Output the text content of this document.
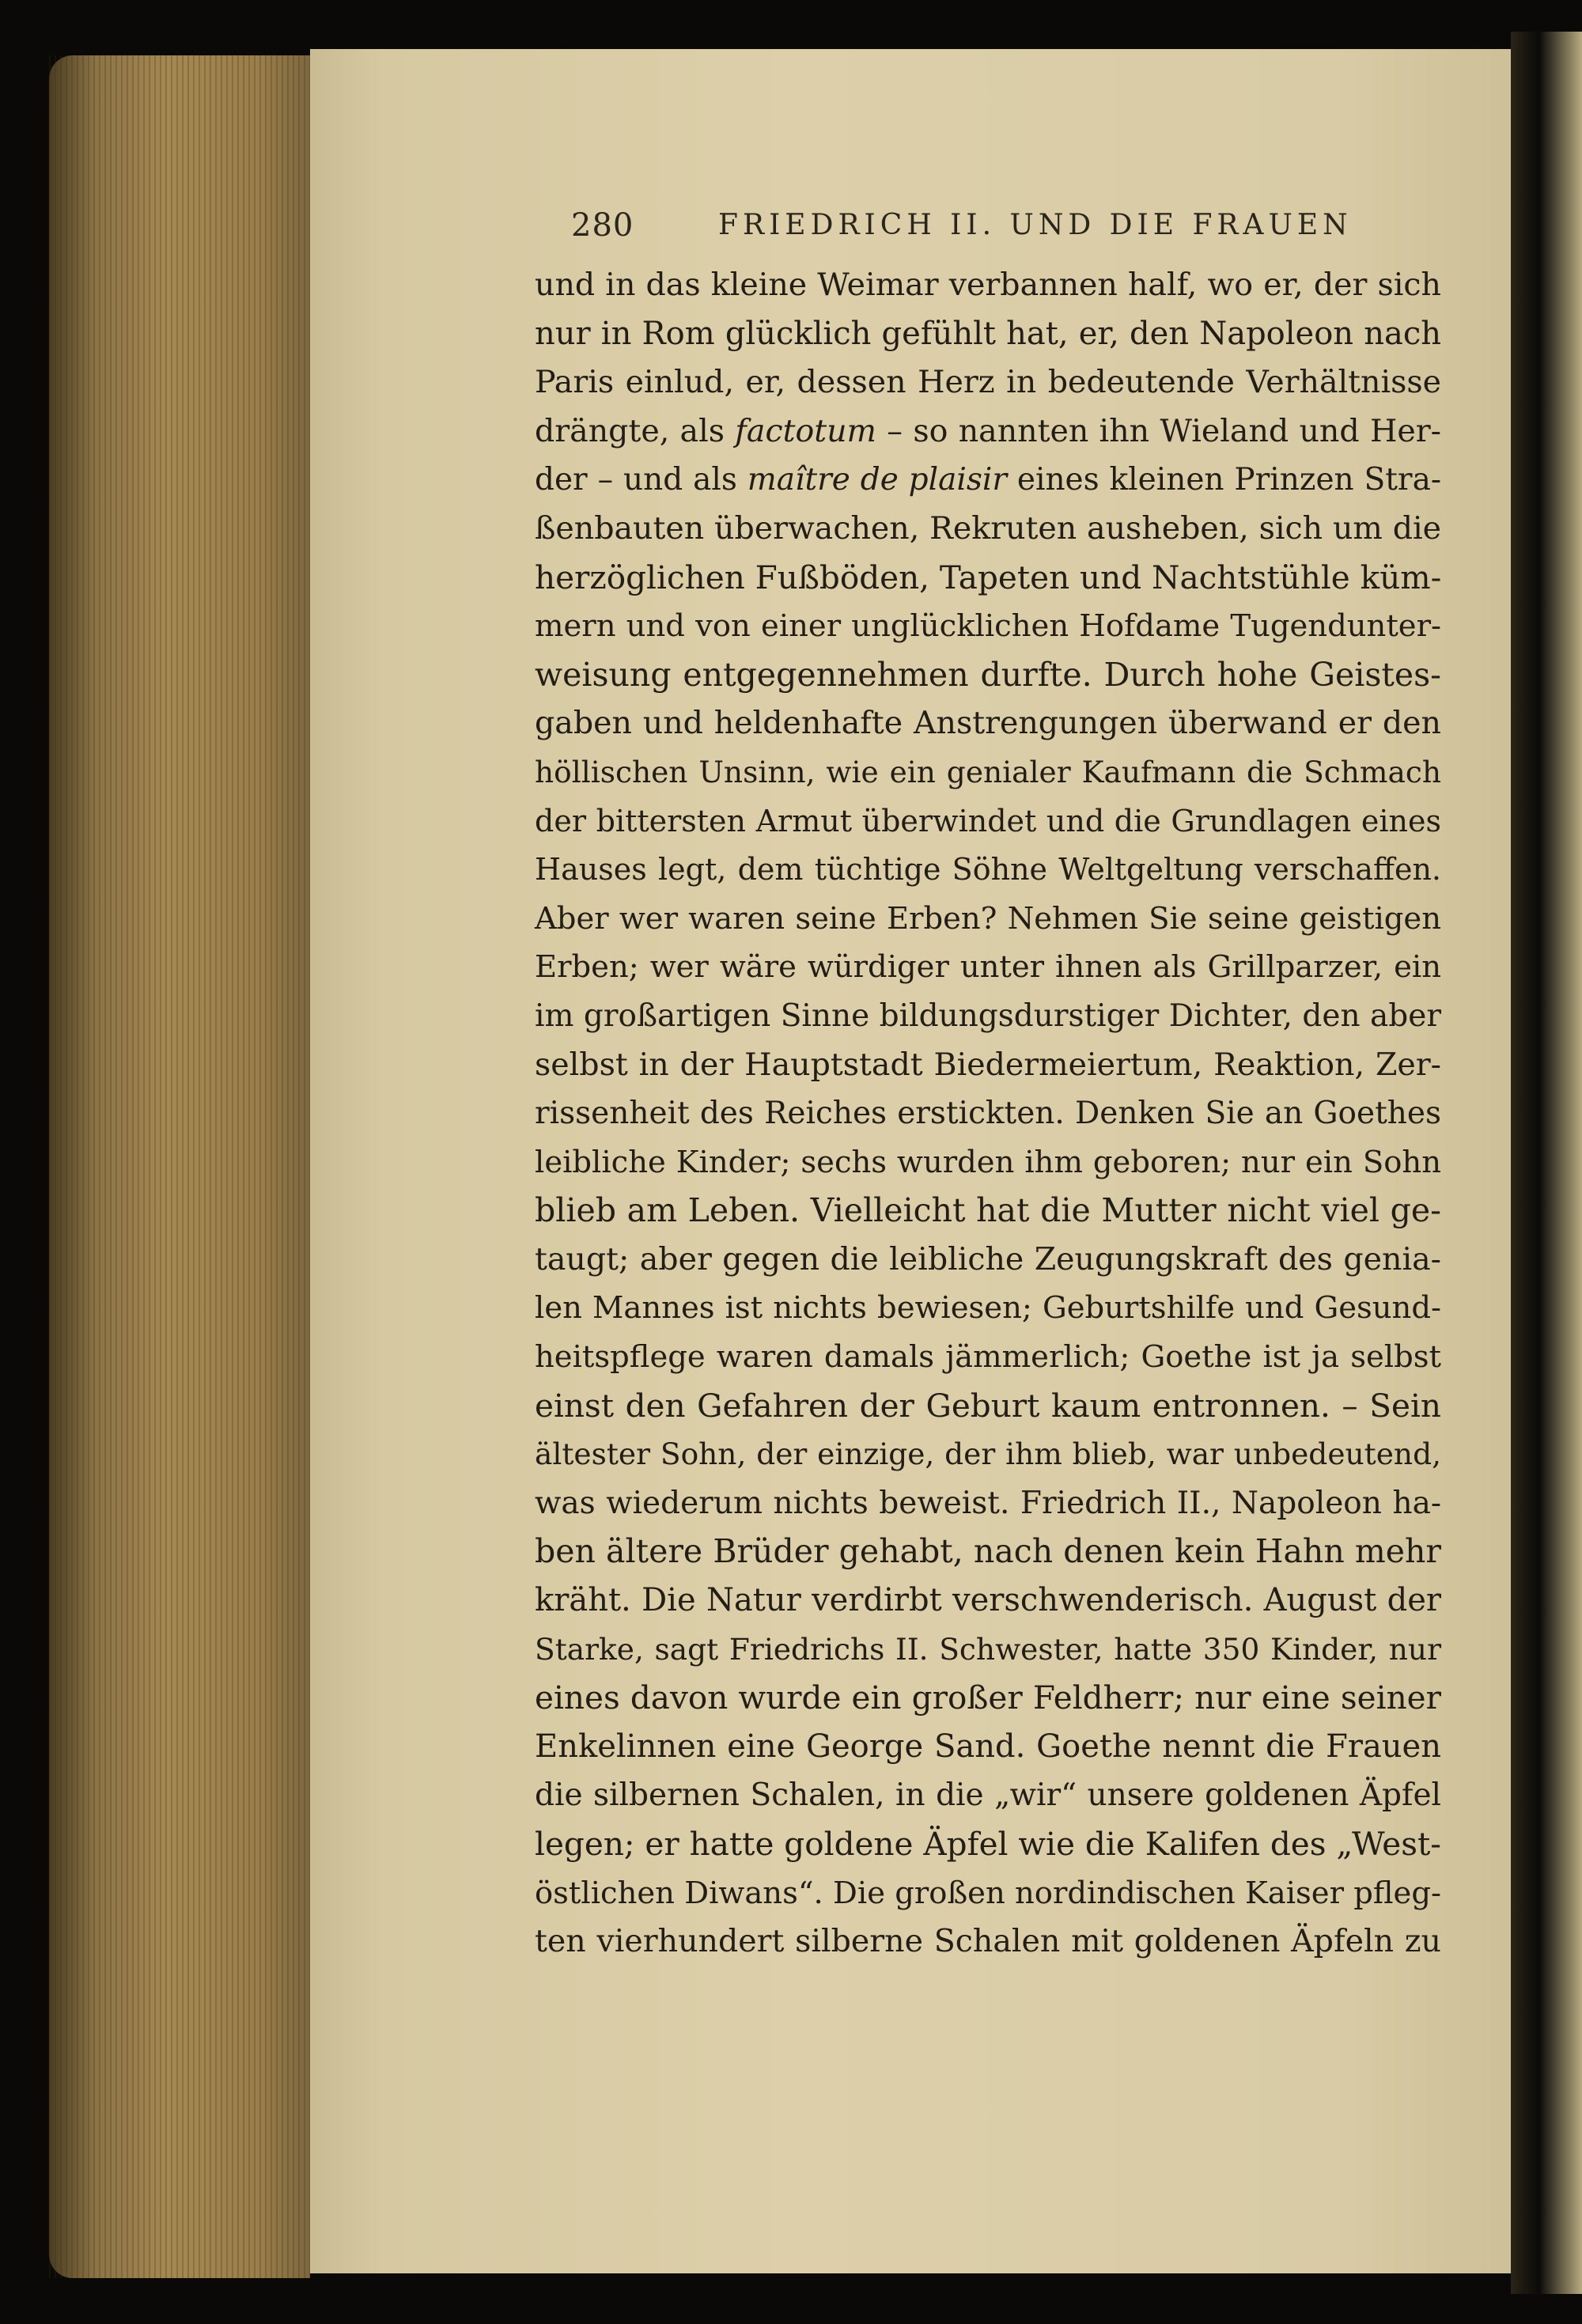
280	FRIEDRICH II. UND DIE FRAUEN
und in das kleine Weimar verbannen half, wo er, der sich
nur in Rom glücklich gefühlt hat, er, den Napoleon nach
Paris einlud, er, dessen Herz in bedeutende Verhältnisse
drängte, als factotum – so nannten ihn Wieland und Her-
der – und als maître de plaisir eines kleinen Prinzen Stra-
ßenbauten überwachen, Rekruten ausheben, sich um die
herzöglichen Fußböden, Tapeten und Nachtstühle küm-
mern und von einer unglücklichen Hofdame Tugendunter-
weisung entgegennehmen durfte. Durch hohe Geistes-
gaben und heldenhafte Anstrengungen überwand er den
höllischen Unsinn, wie ein genialer Kaufmann die Schmach
der bittersten Armut überwindet und die Grundlagen eines
Hauses legt, dem tüchtige Söhne Weltgeltung verschaffen.
Aber wer waren seine Erben? Nehmen Sie seine geistigen
Erben; wer wäre würdiger unter ihnen als Grillparzer, ein
im großartigen Sinne bildungsdurstiger Dichter, den aber
selbst in der Hauptstadt Biedermeiertum, Reaktion, Zer-
rissenheit des Reiches erstickten. Denken Sie an Goethes
leibliche Kinder; sechs wurden ihm geboren; nur ein Sohn
blieb am Leben. Vielleicht hat die Mutter nicht viel ge-
taugt; aber gegen die leibliche Zeugungskraft des genia-
len Mannes ist nichts bewiesen; Geburtshilfe und Gesund-
heitspflege waren damals jämmerlich; Goethe ist ja selbst
einst den Gefahren der Geburt kaum entronnen. – Sein
ältester Sohn, der einzige, der ihm blieb, war unbedeutend,
was wiederum nichts beweist. Friedrich II., Napoleon ha-
ben ältere Brüder gehabt, nach denen kein Hahn mehr
kräht. Die Natur verdirbt verschwenderisch. August der
Starke, sagt Friedrichs II. Schwester, hatte 350 Kinder, nur
eines davon wurde ein großer Feldherr; nur eine seiner
Enkelinnen eine George Sand. Goethe nennt die Frauen
die silbernen Schalen, in die „wir“ unsere goldenen Äpfel
legen; er hatte goldene Äpfel wie die Kalifen des „West-
östlichen Diwans“. Die großen nordindischen Kaiser pfleg-
ten vierhundert silberne Schalen mit goldenen Äpfeln zu
